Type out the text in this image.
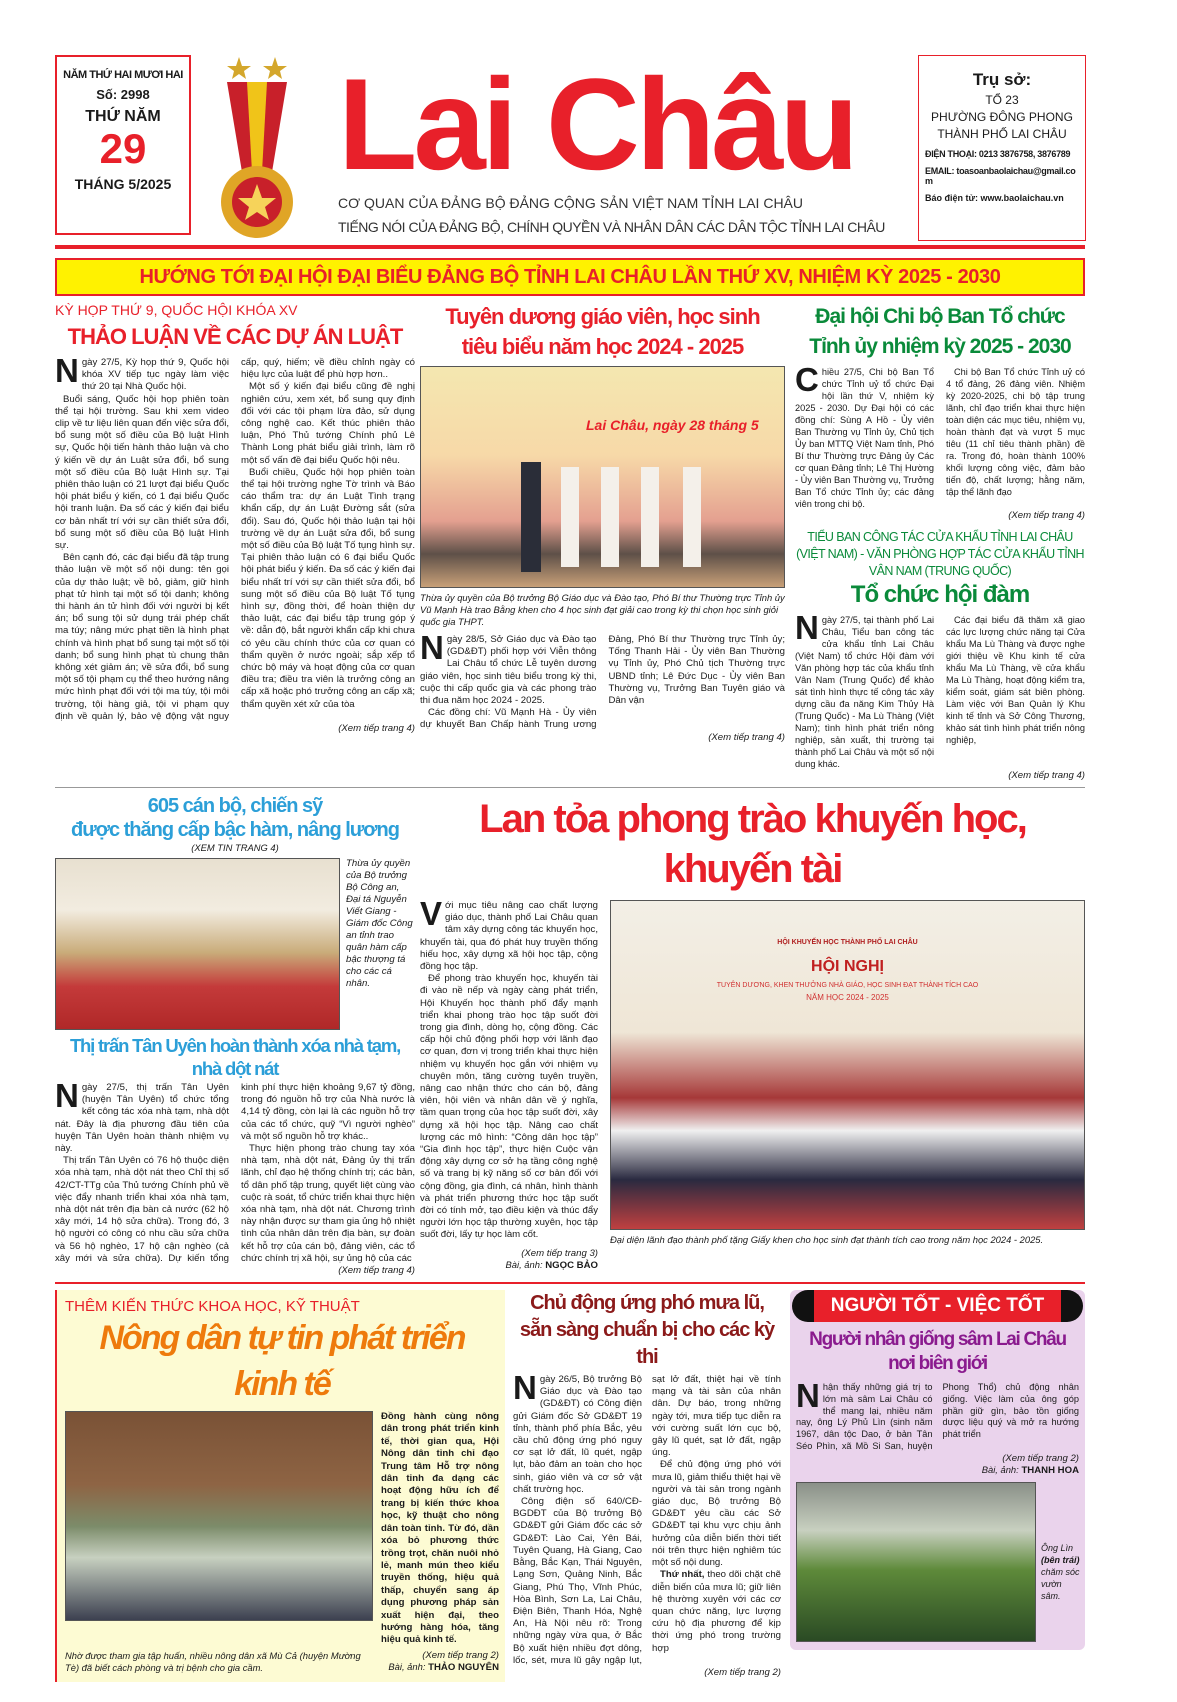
NĂM THỨ HAI MƯƠI HAI
Số: 2998
THỨ NĂM
29
THÁNG 5/2025 Lai Châu
CƠ QUAN CỦA ĐẢNG BỘ ĐẢNG CỘNG SẢN VIỆT NAM TỈNH LAI CHÂU
TIẾNG NÓI CỦA ĐẢNG BỘ, CHÍNH QUYỀN VÀ NHÂN DÂN CÁC DÂN TỘC TỈNH LAI CHÂU
Trụ sở:
TỔ 23
PHƯỜNG ĐÔNG PHONG
THÀNH PHỐ LAI CHÂU
ĐIỆN THOẠI: 0213 3876758, 3876789
EMAIL: toasoanbaolaichau@gmail.com
Báo điện tử: www.baolaichau.vn
HƯỚNG TỚI ĐẠI HỘI ĐẠI BIỂU ĐẢNG BỘ TỈNH LAI CHÂU LẦN THỨ XV, NHIỆM KỲ 2025 - 2030
KỲ HỌP THỨ 9, QUỐC HỘI KHÓA XV
THẢO LUẬN VỀ CÁC DỰ ÁN LUẬT

Ngày 27/5, Kỳ họp thứ 9, Quốc hội khóa XV tiếp tục ngày làm việc thứ 20 tại Nhà Quốc hội.

Buổi sáng, Quốc hội họp phiên toàn thể tại hội trường. Sau khi xem video clip về tư liệu liên quan đến việc sửa đổi, bổ sung một số điều của Bộ luật Hình sự, Quốc hội tiến hành thảo luận và cho ý kiến về dự án Luật sửa đổi, bổ sung một số điều của Bộ luật Hình sự. Tại phiên thảo luận có 21 lượt đại biểu Quốc hội phát biểu ý kiến, có 1 đại biểu Quốc hội tranh luận. Đa số các ý kiến đại biểu cơ bản nhất trí với sự cần thiết sửa đổi, bổ sung một số điều của Bộ luật Hình sự.

Bên cạnh đó, các đại biểu đã tập trung thảo luận về một số nội dung: tên gọi của dự thảo luật; về bỏ, giảm, giữ hình phạt tử hình tại một số tội danh; không thi hành án tử hình đối với người bị kết án; bổ sung tội sử dụng trái phép chất ma túy; nâng mức phạt tiền là hình phạt chính và hình phạt bổ sung tại một số tội danh; bổ sung hình phạt tù chung thân không xét giảm án; về sửa đổi, bổ sung một số tội phạm cụ thể theo hướng nâng mức hình phạt đối với tội ma túy, tội môi trường, tội hàng giả, tội vi phạm quy định về quản lý, bảo vệ động vật nguy cấp, quý, hiếm; về điều chỉnh ngày có hiệu lực của luật để phù hợp hơn..

Một số ý kiến đại biểu cũng đề nghị nghiên cứu, xem xét, bổ sung quy định đối với các tội phạm lừa đảo, sử dụng công nghệ cao. Kết thúc phiên thảo luận, Phó Thủ tướng Chính phủ Lê Thành Long phát biểu giải trình, làm rõ một số vấn đề đại biểu Quốc hội nêu.

Buổi chiều, Quốc hội họp phiên toàn thể tại hội trường nghe Tờ trình và Báo cáo thẩm tra: dự án Luật Tình trạng khẩn cấp, dự án Luật Đường sắt (sửa đổi). Sau đó, Quốc hội thảo luận tại hội trường về dự án Luật sửa đổi, bổ sung một số điều của Bộ luật Tố tụng hình sự. Tại phiên thảo luận có 6 đại biểu Quốc hội phát biểu ý kiến. Đa số các ý kiến đại biểu nhất trí với sự cần thiết sửa đổi, bổ sung một số điều của Bộ luật Tố tụng hình sự, đồng thời, để hoàn thiện dự thảo luật, các đại biểu tập trung góp ý về: dẫn độ, bắt người khẩn cấp khi chưa có yêu cầu chính thức của cơ quan có thẩm quyền ở nước ngoài; sắp xếp tổ chức bộ máy và hoạt động của cơ quan điều tra; điều tra viên là trưởng công an cấp xã hoặc phó trưởng công an cấp xã; thẩm quyền xét xử của tòa

(Xem tiếp trang 4)
Tuyên dương giáo viên, học sinh tiêu biểu năm học 2024 - 2025
Lai Châu, ngày 28 tháng 5
Thừa ủy quyền của Bộ trưởng Bộ Giáo dục và Đào tạo, Phó Bí thư Thường trực Tỉnh ủy Vũ Mạnh Hà trao Bằng khen cho 4 học sinh đạt giải cao trong kỳ thi chọn học sinh giỏi quốc gia THPT.

Ngày 28/5, Sở Giáo dục và Đào tạo (GD&ĐT) phối hợp với Viễn thông Lai Châu tổ chức Lễ tuyên dương giáo viên, học sinh tiêu biểu trong kỳ thi, cuộc thi cấp quốc gia và các phong trào thi đua năm học 2024 - 2025.

Các đồng chí: Vũ Mạnh Hà - Ủy viên dự khuyết Ban Chấp hành Trung ương Đảng, Phó Bí thư Thường trực Tỉnh ủy; Tống Thanh Hải - Ủy viên Ban Thường vụ Tỉnh ủy, Phó Chủ tịch Thường trực UBND tỉnh; Lê Đức Dục - Ủy viên Ban Thường vụ, Trưởng Ban Tuyên giáo và Dân vận

(Xem tiếp trang 4)
Đại hội Chi bộ Ban Tổ chức Tỉnh ủy nhiệm kỳ 2025 - 2030

Chiều 27/5, Chi bộ Ban Tổ chức Tỉnh uỷ tổ chức Đại hội lần thứ V, nhiệm kỳ 2025 - 2030. Dự Đại hội có các đồng chí: Sùng A Hồ - Ủy viên Ban Thường vụ Tỉnh ủy, Chủ tịch Ủy ban MTTQ Việt Nam tỉnh, Phó Bí thư Thường trực Đảng ủy Các cơ quan Đảng tỉnh; Lê Thị Hường - Ủy viên Ban Thường vụ, Trưởng Ban Tổ chức Tỉnh ủy; các đảng viên trong chi bộ.

Chi bộ Ban Tổ chức Tỉnh uỷ có 4 tổ đảng, 26 đảng viên. Nhiệm kỳ 2020-2025, chi bộ tập trung lãnh, chỉ đạo triển khai thực hiện toàn diện các mục tiêu, nhiệm vụ, hoàn thành đạt và vượt 5 mục tiêu (11 chỉ tiêu thành phần) đề ra. Trong đó, hoàn thành 100% khối lượng công việc, đảm bảo tiến độ, chất lượng; hằng năm, tập thể lãnh đạo

(Xem tiếp trang 4)
TIỂU BAN CÔNG TÁC CỬA KHẨU TỈNH LAI CHÂU (VIỆT NAM) - VĂN PHÒNG HỢP TÁC CỬA KHẨU TỈNH VÂN NAM (TRUNG QUỐC)
Tổ chức hội đàm

Ngày 27/5, tại thành phố Lai Châu, Tiểu ban công tác cửa khẩu tỉnh Lai Châu (Việt Nam) tổ chức Hội đàm với Văn phòng hợp tác của khẩu tỉnh Vân Nam (Trung Quốc) để khảo sát tình hình thực tế công tác xây dựng cầu đa năng Kim Thủy Hà (Trung Quốc) - Ma Lù Thàng (Việt Nam); tình hình phát triển nông nghiệp, sản xuất, thị trường tại thành phố Lai Châu và một số nội dung khác.

Các đại biểu đã thăm xã giao các lực lượng chức năng tại Cửa khẩu Ma Lù Thàng và được nghe giới thiệu về Khu kinh tế cửa khẩu Ma Lù Thàng, về cửa khẩu Ma Lù Thàng, hoạt động kiểm tra, kiểm soát, giám sát biên phòng. Làm việc với Ban Quản lý Khu kinh tế tỉnh và Sở Công Thương, khảo sát tình hình phát triển nông nghiệp,

(Xem tiếp trang 4)
605 cán bộ, chiến sỹ
được thăng cấp bậc hàm, nâng lương
(XEM TIN TRANG 4)
Thừa ủy quyền của Bộ trưởng Bộ Công an, Đại tá Nguyễn Viết Giang - Giám đốc Công an tỉnh trao quân hàm cấp bậc thượng tá cho các cá nhân.
Thị trấn Tân Uyên hoàn thành xóa nhà tạm, nhà dột nát

Ngày 27/5, thị trấn Tân Uyên (huyện Tân Uyên) tổ chức tổng kết công tác xóa nhà tạm, nhà dột nát. Đây là địa phương đầu tiên của huyện Tân Uyên hoàn thành nhiệm vụ này.

Thị trấn Tân Uyên có 76 hộ thuộc diện xóa nhà tạm, nhà dột nát theo Chỉ thị số 42/CT-TTg của Thủ tướng Chính phủ về việc đẩy nhanh triển khai xóa nhà tạm, nhà dột nát trên địa bàn cả nước (62 hộ xây mới, 14 hộ sửa chữa). Trong đó, 3 hộ người có công có nhu cầu sửa chữa và 56 hộ nghèo, 17 hộ cận nghèo (cả xây mới và sửa chữa). Dự kiến tổng kinh phí thực hiện khoảng 9,67 tỷ đồng, trong đó nguồn hỗ trợ của Nhà nước là 4,14 tỷ đồng, còn lại là các nguồn hỗ trợ của các tổ chức, quỹ “Vì người nghèo” và một số nguồn hỗ trợ khác..

Thực hiện phong trào chung tay xóa nhà tạm, nhà dột nát, Đảng ủy thị trấn lãnh, chỉ đạo hệ thống chính trị; các bản, tổ dân phố tập trung, quyết liệt cùng vào cuộc rà soát, tổ chức triển khai thực hiện xóa nhà tạm, nhà dột nát. Chương trình này nhận được sự tham gia ủng hộ nhiệt tình của nhân dân trên địa bàn, sự đoàn kết hỗ trợ của cán bộ, đảng viên, các tổ chức chính trị xã hội, sự ủng hộ của các

(Xem tiếp trang 4)
Lan tỏa phong trào khuyến học, khuyến tài

Với mục tiêu nâng cao chất lượng giáo dục, thành phố Lai Châu quan tâm xây dựng công tác khuyến học, khuyến tài, qua đó phát huy truyền thống hiếu học, xây dựng xã hội học tập, cộng đồng học tập.

Để phong trào khuyến học, khuyến tài đi vào nề nếp và ngày càng phát triển, Hội Khuyến học thành phố đẩy mạnh triển khai phong trào học tập suốt đời trong gia đình, dòng họ, cộng đồng. Các cấp hội chủ động phối hợp với lãnh đạo cơ quan, đơn vị trong triển khai thực hiện nhiệm vụ khuyến học gắn với nhiệm vụ chuyên môn, tăng cường tuyên truyền, nâng cao nhận thức cho cán bộ, đảng viên, hội viên và nhân dân về ý nghĩa, tầm quan trọng của học tập suốt đời, xây dựng xã hội học tập. Nâng cao chất lượng các mô hình: “Công dân học tập” “Gia đình học tập”, thực hiện Cuộc vận động xây dựng cơ sở hạ tầng công nghệ số và trang bị kỹ năng số cơ bản đối với cộng đồng, gia đình, cá nhân, hình thành và phát triển phương thức học tập suốt đời có tính mở, tạo điều kiện và thúc đẩy người lớn học tập thường xuyên, học tập suốt đời, lấy tự học làm cốt.

(Xem tiếp trang 3)
Bài, ảnh: NGỌC BẢO
HỘI KHUYẾN HỌC THÀNH PHỐ LAI CHÂU
HỘI NGHỊ
TUYÊN DƯƠNG, KHEN THƯỞNG NHÀ GIÁO, HỌC SINH ĐẠT THÀNH TÍCH CAO
NĂM HỌC 2024 - 2025
Đại diện lãnh đạo thành phố tặng Giấy khen cho học sinh đạt thành tích cao trong năm học 2024 - 2025.
THÊM KIẾN THỨC KHOA HỌC, KỸ THUẬT
Nông dân tự tin phát triển kinh tế
Đồng hành cùng nông dân trong phát triển kinh tế, thời gian qua, Hội Nông dân tỉnh chỉ đạo Trung tâm Hỗ trợ nông dân tỉnh đa dạng các hoạt động hữu ích để trang bị kiến thức khoa học, kỹ thuật cho nông dân toàn tỉnh. Từ đó, dần xóa bỏ phương thức trồng trọt, chăn nuôi nhỏ lẻ, manh mún theo kiểu truyền thống, hiệu quả thấp, chuyển sang áp dụng phương pháp sản xuất hiện đại, theo hướng hàng hóa, tăng hiệu quả kinh tế.
Nhờ được tham gia tập huấn, nhiều nông dân xã Mù Cả (huyện Mường Tè) đã biết cách phòng và trị bệnh cho gia cầm.
(Xem tiếp trang 2)
Bài, ảnh: THẢO NGUYÊN
Chủ động ứng phó mưa lũ, sẵn sàng chuẩn bị cho các kỳ thi

Ngày 26/5, Bộ trưởng Bộ Giáo dục và Đào tạo (GD&ĐT) có Công điện gửi Giám đốc Sở GD&ĐT 19 tỉnh, thành phố phía Bắc, yêu cầu chủ động ứng phó nguy cơ sạt lở đất, lũ quét, ngập lụt, bảo đảm an toàn cho học sinh, giáo viên và cơ sở vật chất trường học.

Công điện số 640/CĐ-BGDĐT của Bộ trưởng Bộ GD&ĐT gửi Giám đốc các sở GD&ĐT: Lào Cai, Yên Bái, Tuyên Quang, Hà Giang, Cao Bằng, Bắc Kạn, Thái Nguyên, Lạng Sơn, Quảng Ninh, Bắc Giang, Phú Thọ, Vĩnh Phúc, Hòa Bình, Sơn La, Lai Châu, Điện Biên, Thanh Hóa, Nghệ An, Hà Nội nêu rõ: Trong những ngày vừa qua, ở Bắc Bộ xuất hiện nhiều đợt dông, lốc, sét, mưa lũ gây ngập lụt, sạt lở đất, thiệt hại về tính mạng và tài sản của nhân dân. Dự báo, trong những ngày tới, mưa tiếp tục diễn ra với cường suất lớn cục bộ, gây lũ quét, sạt lở đất, ngập úng.

Để chủ động ứng phó với mưa lũ, giảm thiểu thiệt hại về người và tài sản trong ngành giáo dục, Bộ trưởng Bộ GD&ĐT yêu cầu các Sở GD&ĐT tại khu vực chịu ảnh hưởng của diễn biến thời tiết nói trên thực hiện nghiêm túc một số nội dung.

Thứ nhất, theo dõi chặt chẽ diễn biến của mưa lũ; giữ liên hệ thường xuyên với các cơ quan chức năng, lực lượng cứu hộ địa phương để kịp thời ứng phó trong trường hợp

(Xem tiếp trang 2)
NGƯỜI TỐT - VIỆC TỐT
Người nhân giống sâm Lai Châu nơi biên giới

Nhận thấy những giá trị to lớn mà sâm Lai Châu có thể mang lại, nhiều năm nay, ông Lý Phủ Lìn (sinh năm 1967, dân tộc Dao, ở bản Tân Séo Phìn, xã Mồ Si San, huyện Phong Thổ) chủ động nhân giống. Việc làm của ông góp phần giữ gìn, bảo tồn giống dược liệu quý và mở ra hướng phát triển

(Xem tiếp trang 2)
Bài, ảnh: THANH HOA
Ông Lìn (bên trái) chăm sóc vườn sâm.
